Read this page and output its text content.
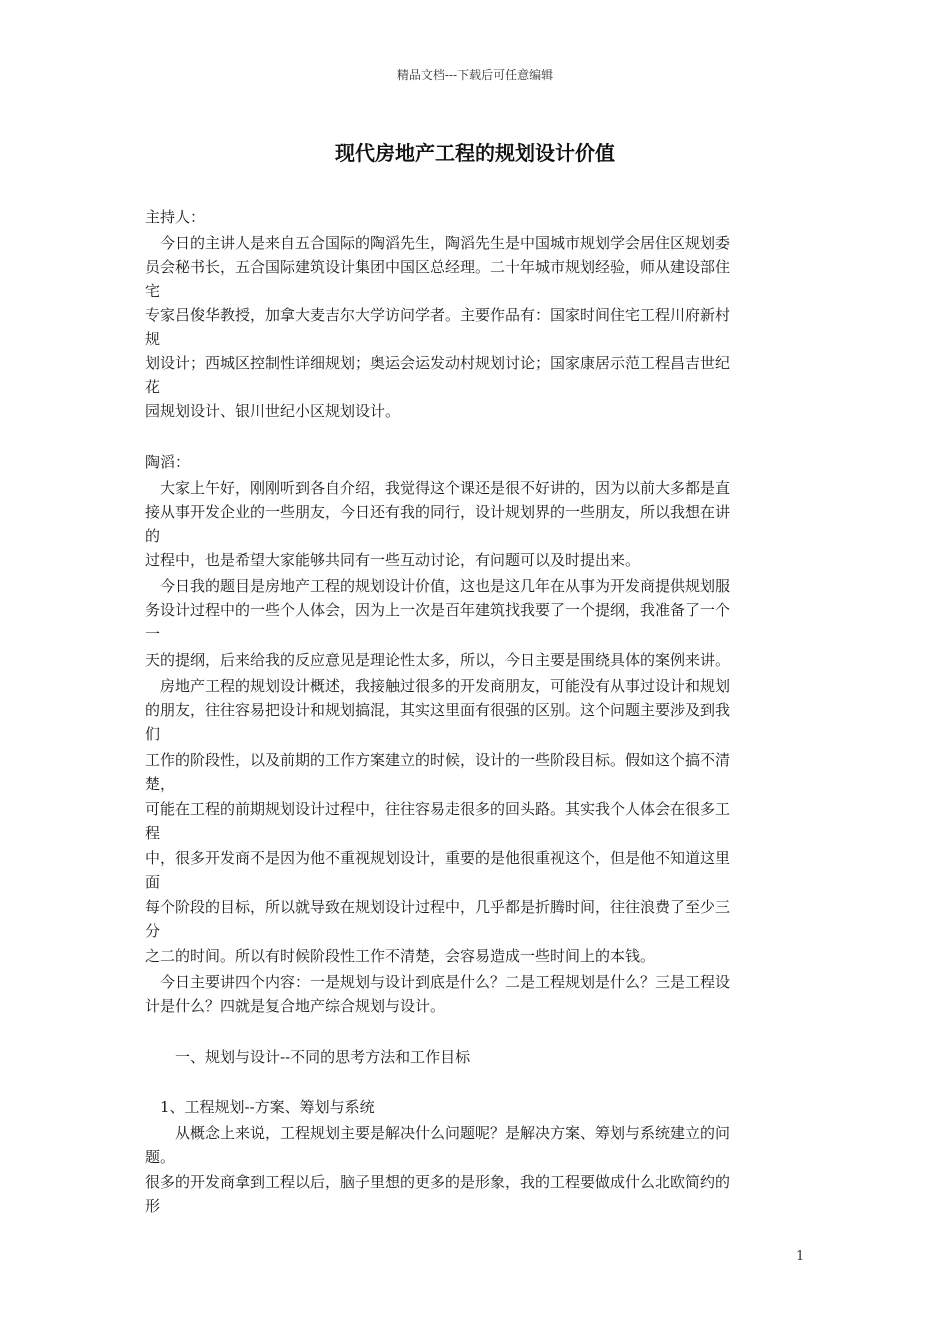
精品文档---下载后可任意编辑
现代房地产工程的规划设计价值
主持人：
　今日的主讲人是来自五合国际的陶滔先生，陶滔先生是中国城市规划学会居住区规划委
员会秘书长，五合国际建筑设计集团中国区总经理。二十年城市规划经验，师从建设部住
宅
专家吕俊华教授，加拿大麦吉尔大学访问学者。主要作品有：国家时间住宅工程川府新村
规
划设计；西城区控制性详细规划；奥运会运发动村规划讨论；国家康居示范工程昌吉世纪
花
园规划设计、银川世纪小区规划设计。
陶滔：
　大家上午好，刚刚听到各自介绍，我觉得这个课还是很不好讲的，因为以前大多都是直
接从事开发企业的一些朋友，今日还有我的同行，设计规划界的一些朋友，所以我想在讲
的
过程中，也是希望大家能够共同有一些互动讨论，有问题可以及时提出来。
　今日我的题目是房地产工程的规划设计价值，这也是这几年在从事为开发商提供规划服
务设计过程中的一些个人体会，因为上一次是百年建筑找我要了一个提纲，我准备了一个
一
天的提纲，后来给我的反应意见是理论性太多，所以，今日主要是围绕具体的案例来讲。
　房地产工程的规划设计概述，我接触过很多的开发商朋友，可能没有从事过设计和规划
的朋友，往往容易把设计和规划搞混，其实这里面有很强的区别。这个问题主要涉及到我
们
工作的阶段性，以及前期的工作方案建立的时候，设计的一些阶段目标。假如这个搞不清
楚，
可能在工程的前期规划设计过程中，往往容易走很多的回头路。其实我个人体会在很多工
程
中，很多开发商不是因为他不重视规划设计，重要的是他很重视这个，但是他不知道这里
面
每个阶段的目标，所以就导致在规划设计过程中，几乎都是折腾时间，往往浪费了至少三
分
之二的时间。所以有时候阶段性工作不清楚，会容易造成一些时间上的本钱。
　今日主要讲四个内容：一是规划与设计到底是什么？二是工程规划是什么？三是工程设
计是什么？四就是复合地产综合规划与设计。
　　一、规划与设计--不同的思考方法和工作目标
　1、工程规划--方案、筹划与系统
　　从概念上来说，工程规划主要是解决什么问题呢？是解决方案、筹划与系统建立的问
题。
很多的开发商拿到工程以后，脑子里想的更多的是形象，我的工程要做成什么北欧简约的
形
1
